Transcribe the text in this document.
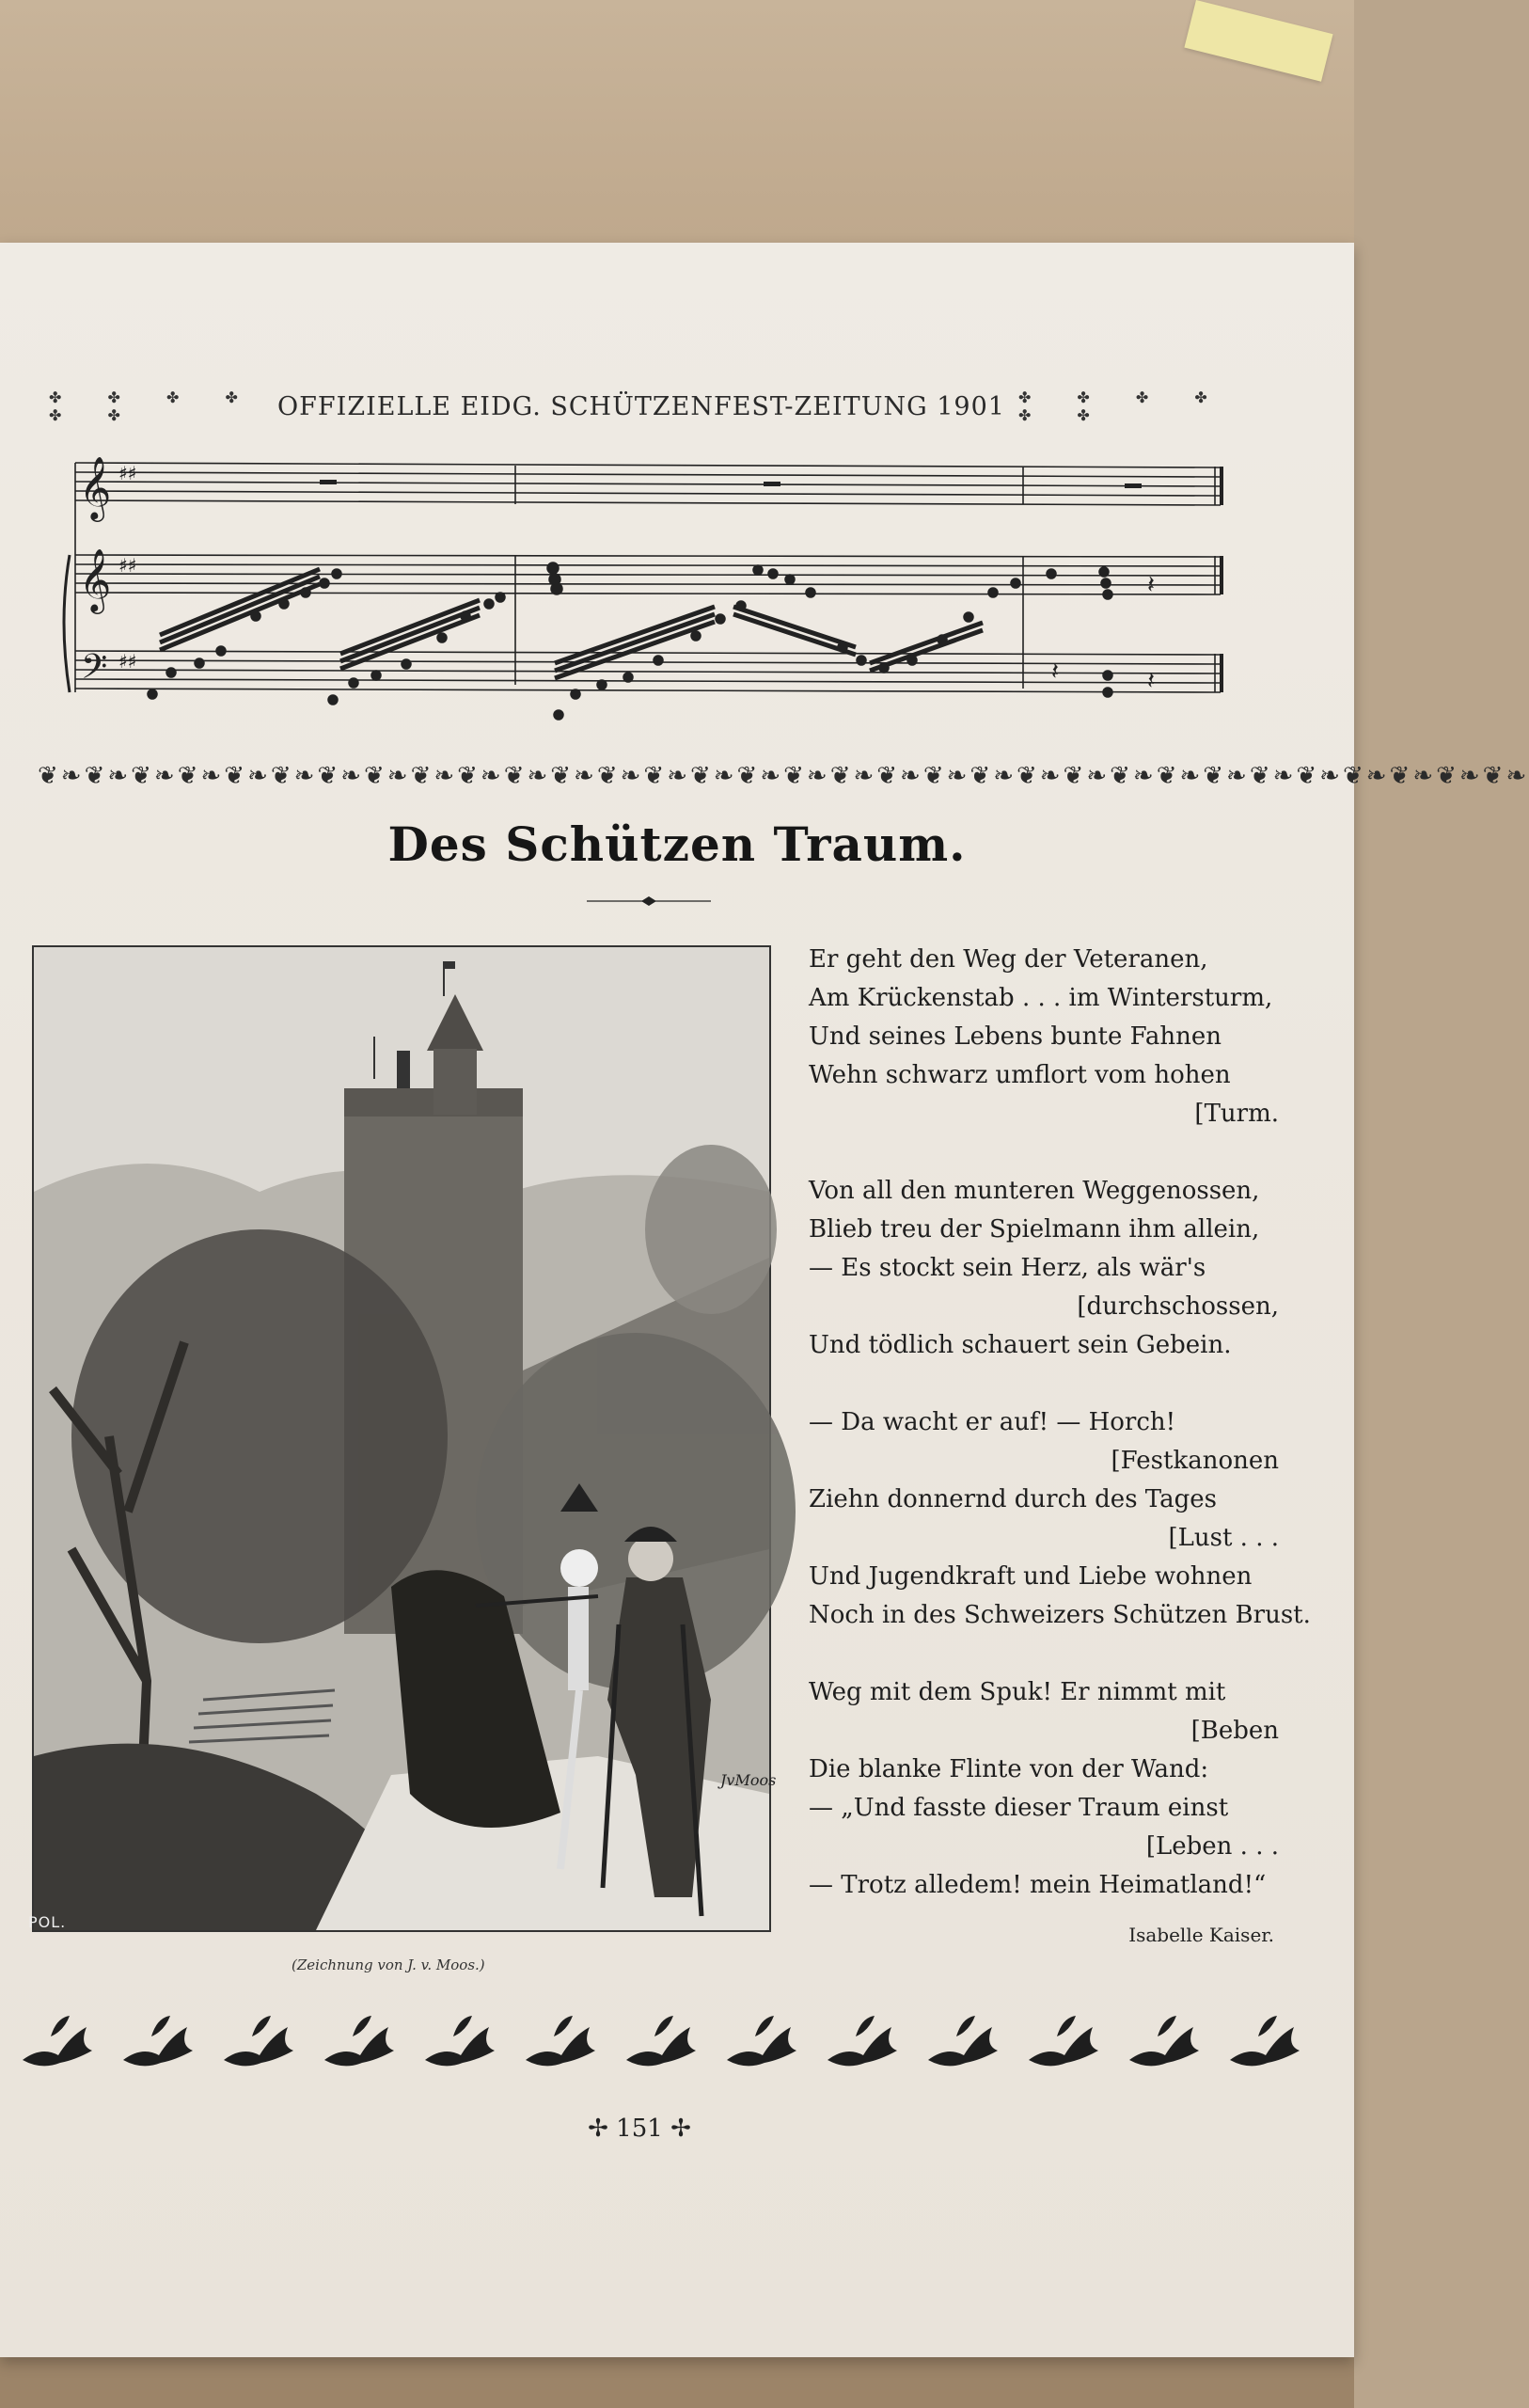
✤ ✤ ✤ ✤ ✤ ✤	OFFIZIELLE EIDG. SCHÜTZENFEST-ZEITUNG 1901 ✤ ✤ ✤ ✤ ✤ ✤
𝄞
𝄞
𝄢
♯♯
♯♯
♯♯
𝄽
𝄽	𝄽
❦❧❦❧❦❧❦❧❦❧❦❧❦❧❦❧❦❧❦❧❦❧❦❧❦❧❦❧❦❧❦❧❦❧❦❧❦❧❦❧❦❧❦❧❦❧❦❧❦❧❦❧❦❧❦❧❦❧❦❧❦❧❦❧
Des Schützen Traum.
POL.
JvMoos
(Zeichnung von J. v. Moos.)
Er geht den Weg der Veteranen,
Am Krückenstab . . . im Wintersturm,
Und seines Lebens bunte Fahnen
Wehn schwarz umflort vom hohen
[Turm.
Von all den munteren Weggenossen,
Blieb treu der Spielmann ihm allein,
— Es stockt sein Herz, als wär's
[durchschossen,
Und tödlich schauert sein Gebein.
— Da wacht er auf! — Horch!
[Festkanonen
Ziehn donnernd durch des Tages
[Lust . . .
Und Jugendkraft und Liebe wohnen
Noch in des Schweizers Schützen Brust.
Weg mit dem Spuk! Er nimmt mit
[Beben
Die blanke Flinte von der Wand:
— „Und fasste dieser Traum einst
[Leben . . .
— Trotz alledem! mein Heimatland!“
Isabelle Kaiser.
✢ 151 ✢
